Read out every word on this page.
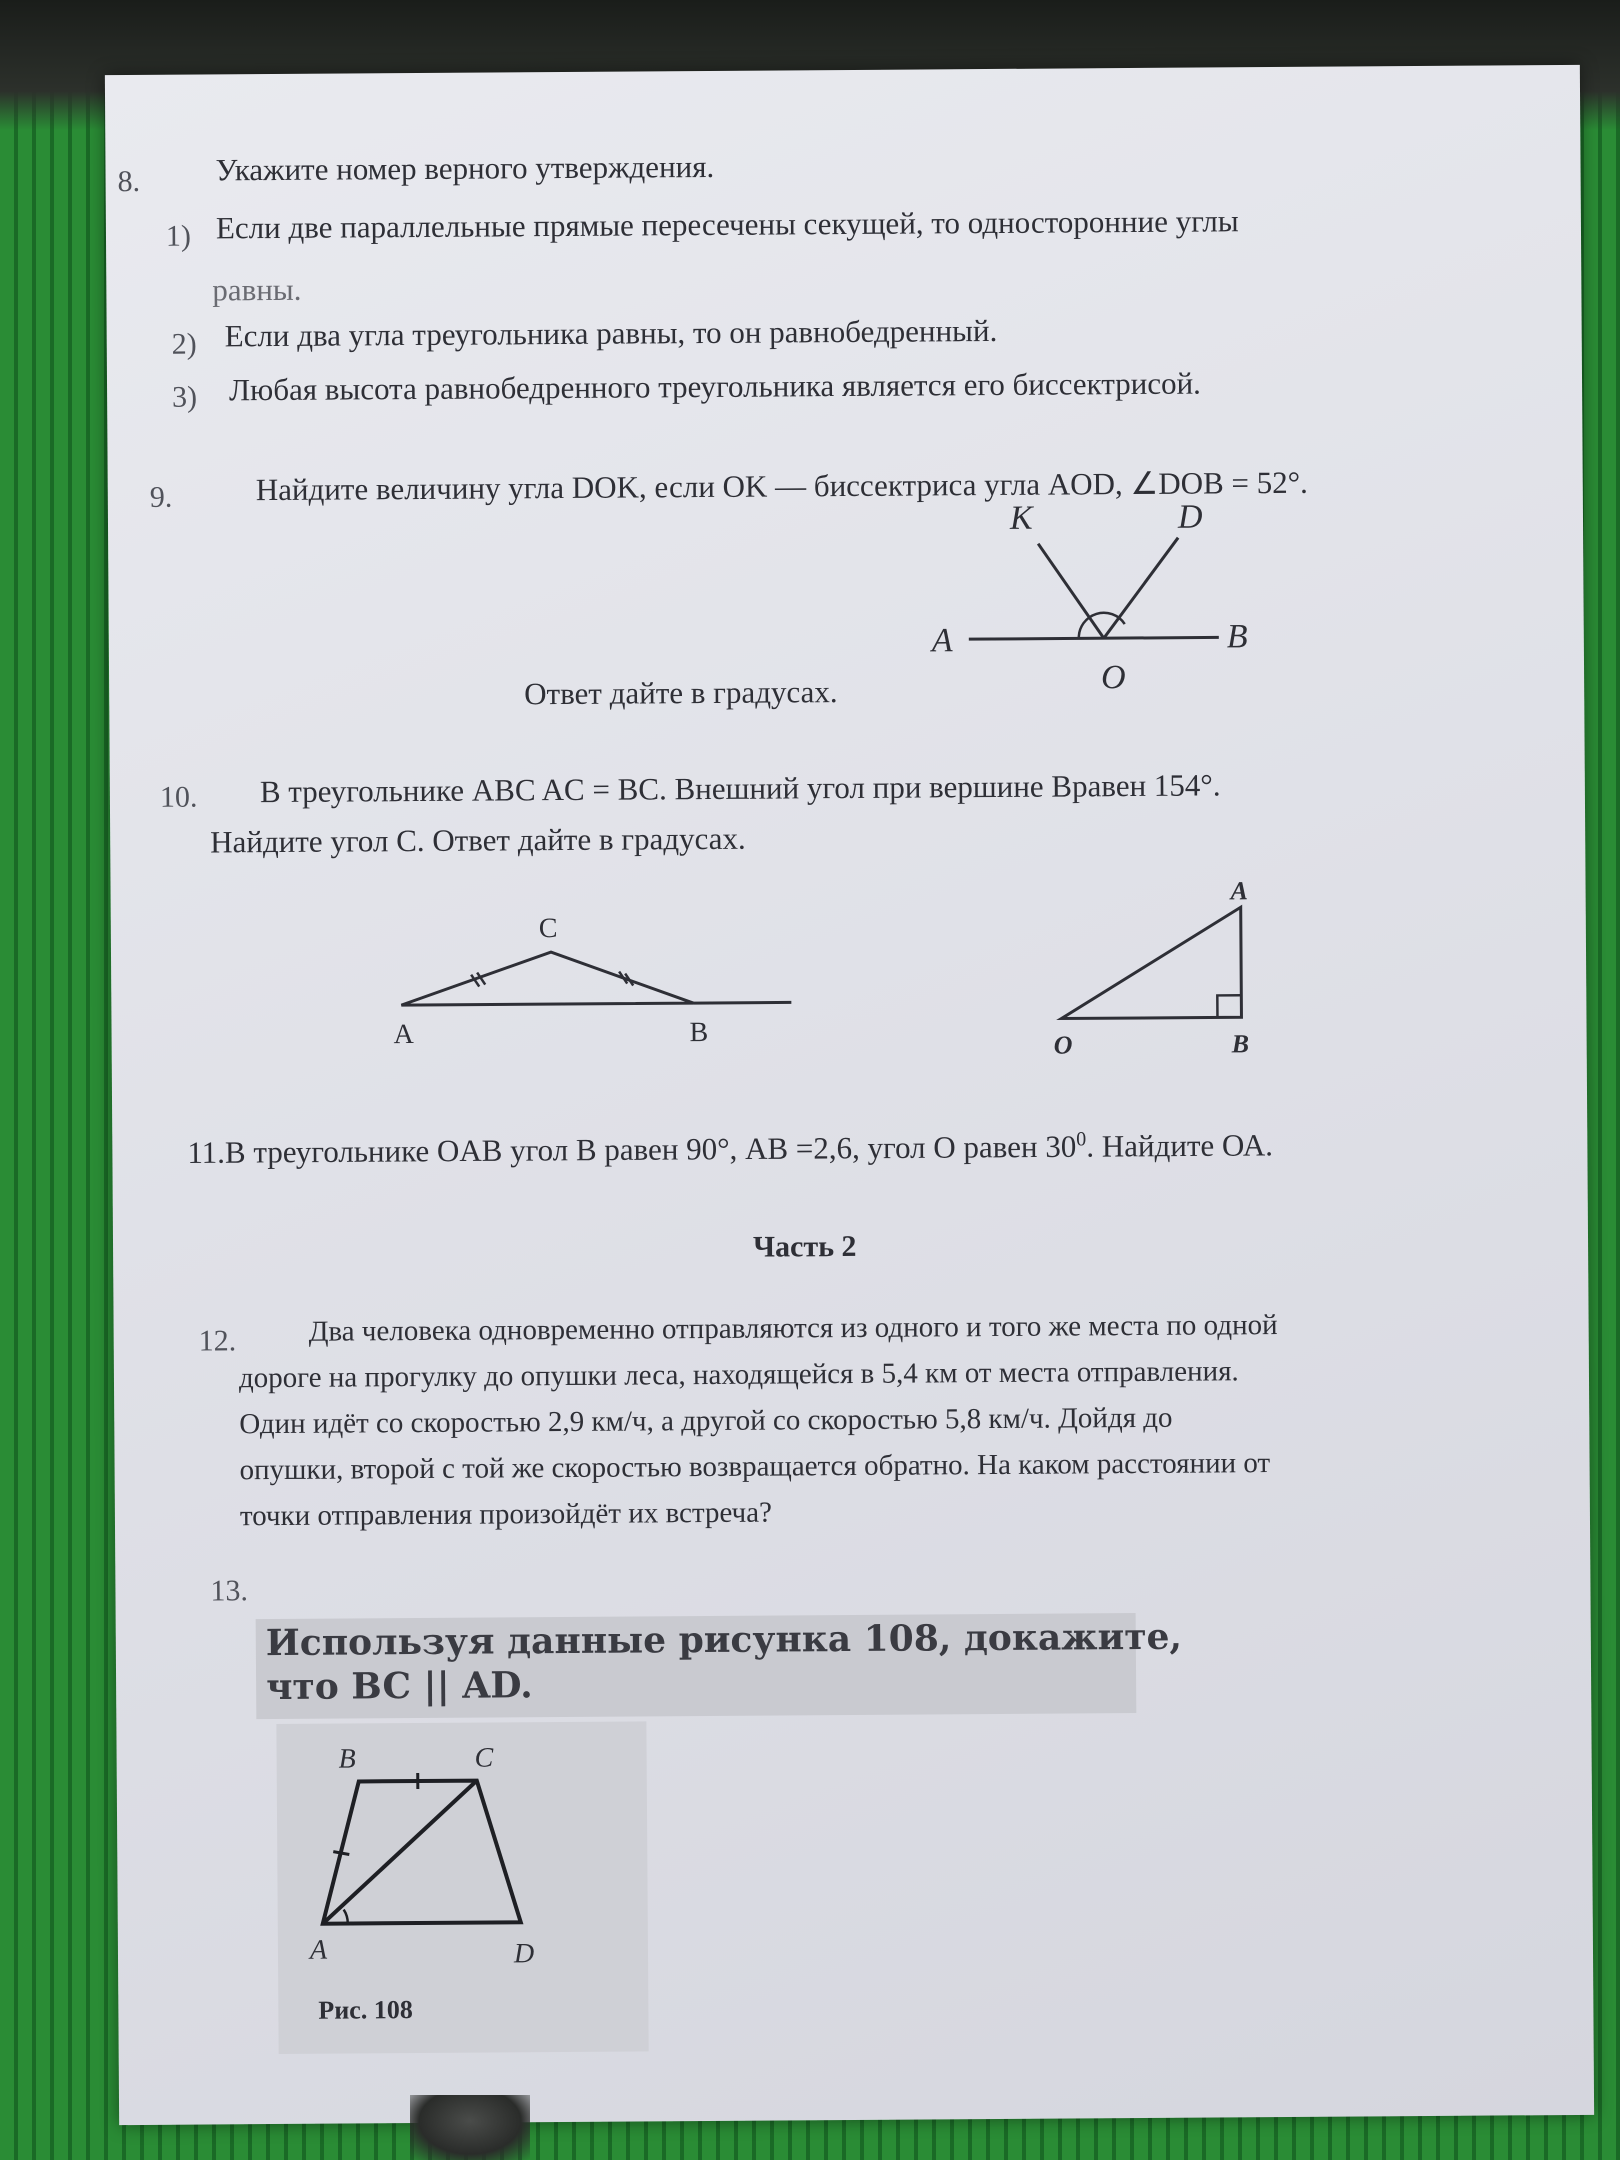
8. Укажите номер верного утверждения.
1) Если две параллельные прямые пересечены секущей, то односторонние углы
равны.
2) Если два угла треугольника равны, то он равнобедренный.
3) Любая высота равнобедренного треугольника является его биссектрисой.
9.	Найдите величину угла DOK, если OK — биссектриса угла AOD, ∠DOB = 52°.
K	D
A	B
O
Ответ дайте в градусах.
10. В треугольнике ABC AC = BC. Внешний угол при вершине Bравен 154°.
Найдите угол C. Ответ дайте в градусах.
C
A	B
A
O	B
11.В треугольнике OAB угол B равен 90°, AB =2,6, угол О равен $30^0$. Найдите ОА.
Часть 2
12. Два человека одновременно отправляются из одного и того же места по одной
дороге на прогулку до опушки леса, находящейся в 5,4 км от места отправления.
Один идёт со скоростью 2,9 км/ч, а другой со скоростью 5,8 км/ч. Дойдя до
опушки, второй с той же скоростью возвращается обратно. На каком расстоянии от
точки отправления произойдёт их встреча?
13.
Используя данные рисунка 108, докажите,
что BC || AD.
B	C
A	D
Рис. 108
